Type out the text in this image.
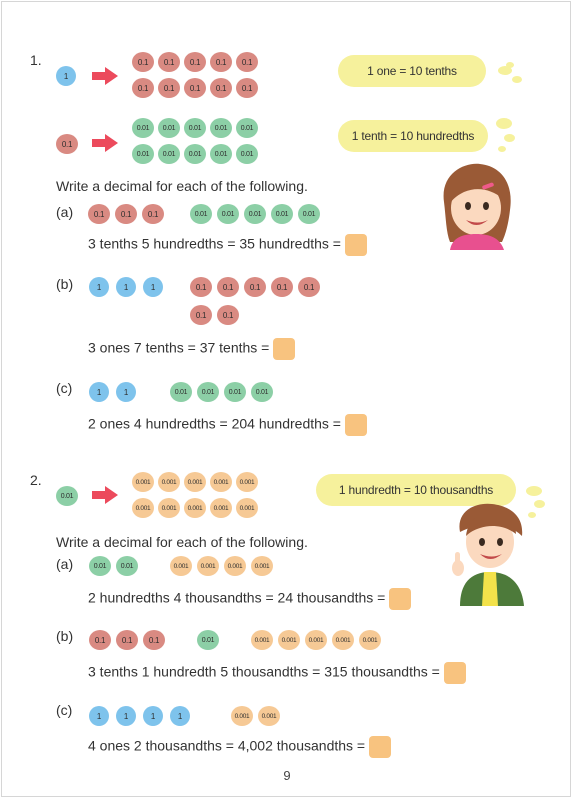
1.
1
0.1	0.1	0.1	0.1	0.1
0.1	0.1	0.1	0.1	0.1
1 one = 10 tenths
0.1
0.01	0.01	0.01	0.01	0.01
0.01	0.01	0.01	0.01	0.01
1 tenth = 10 hundredths
Write a decimal for each of the following.
(a)	0.1	0.1	0.1	0.01	0.01	0.01	0.01	0.01
3 tenths 5 hundredths = 35 hundredths =
(b)	1	1	1	0.1	0.1	0.1	0.1	0.1
0.1	0.1
3 ones 7 tenths = 37 tenths =
(c)	1	1	0.01	0.01	0.01	0.01
2 ones 4 hundredths = 204 hundredths =
2.
0.01
0.001	0.001	0.001	0.001	0.001
0.001	0.001	0.001	0.001	0.001
1 hundredth = 10 thousandths
Write a decimal for each of the following.
(a)	0.01	0.01	0.001	0.001	0.001	0.001
2 hundredths 4 thousandths = 24 thousandths =
(b)	0.1	0.1	0.1	0.01	0.001	0.001	0.001	0.001	0.001
3 tenths 1 hundredth 5 thousandths = 315 thousandths =
(c)	1	1	1	1	0.001	0.001
4 ones 2 thousandths = 4,002 thousandths =
9
